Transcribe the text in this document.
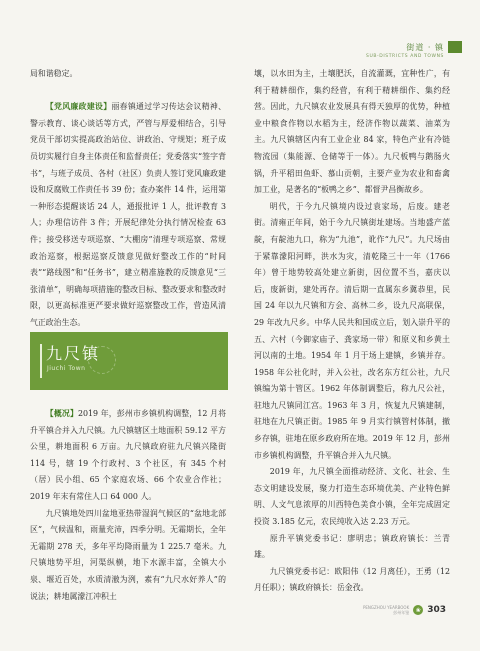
街道 · 镇
SUB-DISTRICTS AND TOWNS

局和谐稳定。

【党风廉政建设】丽春镇通过学习传达会议精神、警示教育、谈心谈话等方式，严管与厚爱相结合，引导党员干部切实提高政治站位、讲政治、守规矩；班子成员切实履行自身主体责任和监督责任；党委落实“签字背书”，与班子成员、各村（社区）负责人签订党风廉政建设和反腐败工作责任书 39 份；查办案件 14 件，运用第一种形态提醒谈话 24 人，通报批评 1 人，批评教育 3 人；办理信访件 3 件；开展纪律处分执行情况检查 63 件；接受移送专项巡察、“大棚房”清理专项巡察、常规政治巡察，根据巡察反馈意见做好整改工作的“时间表”“路线图”和“任务书”，建立精准施教的反馈意见“三张清单”，明确每项措施的整改目标、整改要求和整改时限，以更高标准更严要求做好巡察整改工作，营造风清气正政治生态。

九尺镇
Jiuchi Town

【概况】2019 年，彭州市乡镇机构调整，12 月将升平镇合并入九尺镇。九尺镇辖区土地面积 59.12 平方公里，耕地面积 6 万亩。九尺镇政府驻九尺镇兴隆街 114 号，辖 19 个行政村、3 个社区，有 345 个村（居）民小组、65 个家庭农场、66 个农业合作社；2019 年末有常住人口 64 000 人。

九尺镇地处四川盆地亚热带湿润气候区的“盆地北部区”，气候温和，雨量充沛，四季分明。无霜期长，全年无霜期 278 天，多年平均降雨量为 1 225.7 毫米。九尺镇地势平坦，河渠纵横，地下水源丰富，全镇大小泉、堰近百处，水质清澈为洌，素有“九尺水好养人”的说法；耕地属濛江冲积土

壤，以水田为主，土壤肥沃，自流灌溉，宜种性广，有利于精耕细作，集约经营，有利于精耕细作、集约经营。因此，九尺镇农业发展具有得天独厚的优势，种植业中粮食作物以水稻为主，经济作物以蔬菜、油菜为主。九尺镇辖区内有工业企业 84 家，特色产业有冷链物流园（集能源、仓储等于一体）。九尺板鸭与鹅肠火锅，升平稻田鱼虾、慕山贡朝，主要产业为农业和畜禽加工业，是著名的“板鸭之乡”、都督尹昌衡故乡。

明代，于今九尺镇境内设过袁家场，后废。建老街。清雍正年间，始于今九尺镇街址建场。当地盛产蓝靛，有靛池九口，称为“九池”，讹作“九尺”。九尺场由于紧靠濛阳河畔，洪水为灾，清乾隆三十一年（1766 年）曾于地势较高处建立新街，因位置不当，嘉庆以后，废新街，建处再存。清后期一直属东乡冀恭里，民国 24 年以九尺镇和方会、高林二乡，设九尺高联保，29 年改九尺乡。中华人民共和国成立后，划入崇升平的五、六村（今御家庙子、龚家场一带）和原义和乡黄土河以南的土地。1954 年 1 月于场上建镇，乡镇并存。1958 年公社化时，并入公社，改名东方红公社，九尺镇编为第十管区。1962 年体制调整后，称九尺公社，驻地九尺镇同江宫。1963 年 3 月，恢复九尺镇建制，驻地在九尺镇正街。1985 年 9 月实行镇管村体制，撤乡存镇，驻地在原乡政府所在地。2019 年 12 月，彭州市乡镇机构调整，升平镇合并入九尺镇。

2019 年，九尺镇全面推动经济、文化、社会、生态文明建设发展，聚力打造生态环境优美、产业特色鲜明、人文气息浓厚的川西特色美食小镇，全年完成固定投资 3.185 亿元，农民纯收入达 2.23 万元。

原升平镇党委书记：廖明忠；镇政府镇长：兰青雄。

九尺镇党委书记：欧阳伟（12 月离任），王勇（12 月任职）；镇政府镇长：岳金孜。

PENGZHOU YEARBOOK
彭州年鉴	❀ 303
